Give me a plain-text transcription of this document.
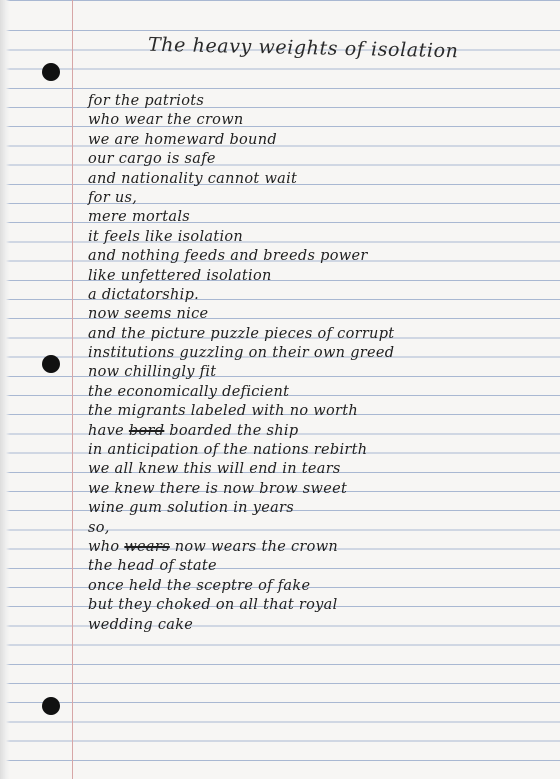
The heavy weights of isolation
for the patriots
who wear the crown
we are homeward bound
our cargo is safe
and nationality cannot wait
for us,
mere mortals
it feels like isolation
and nothing feeds and breeds power
like unfettered isolation
a dictatorship.
now seems nice
and the picture puzzle pieces of corrupt
institutions guzzling on their own greed
now chillingly fit
the economically deficient
the migrants labeled with no worth
have bord boarded the ship
in anticipation of the nations rebirth
we all knew this will end in tears
we knew there is now brow sweet
wine gum solution in years
so,
who wears now wears the crown
the head of state
once held the sceptre of fake
but they choked on all that royal
wedding cake
